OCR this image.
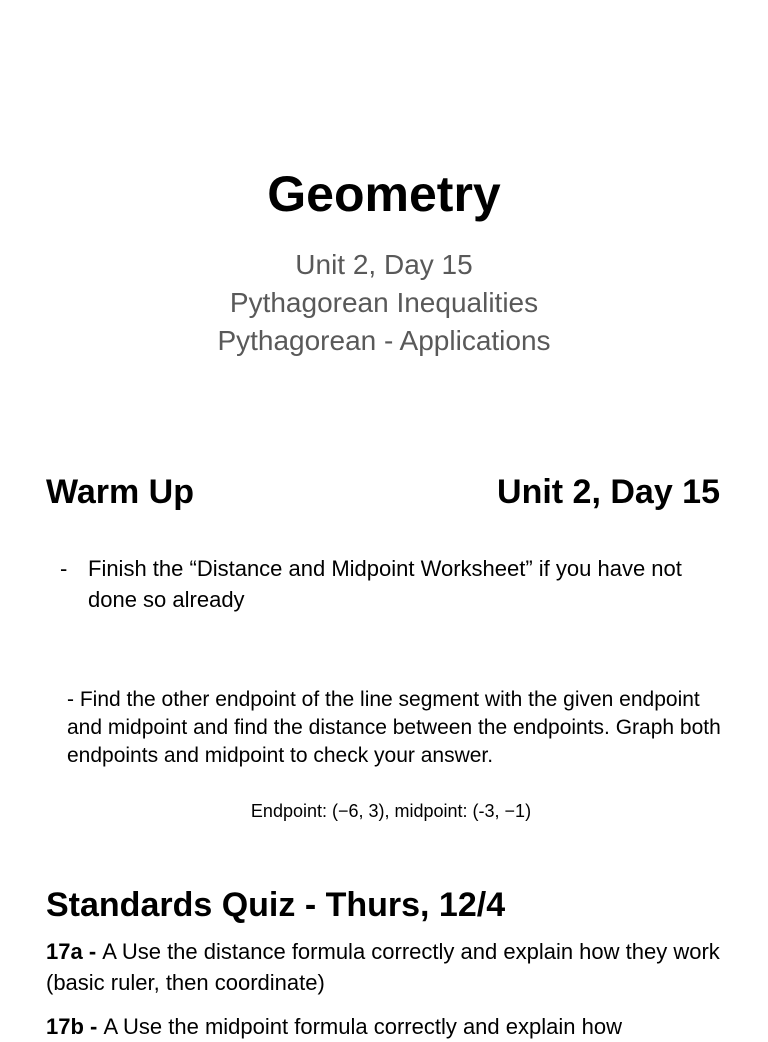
Geometry
Unit 2, Day 15
Pythagorean Inequalities
Pythagorean - Applications
Warm Up	Unit 2, Day 15
- Finish the “Distance and Midpoint Worksheet” if you have not done so already
- Find the other endpoint of the line segment with the given endpoint and midpoint and find the distance between the endpoints. Graph both endpoints and midpoint to check your answer.
Endpoint: (−6, 3), midpoint: (-3, −1)
Standards Quiz - Thurs, 12/4
17a - A Use the distance formula correctly and explain how they work (basic ruler, then coordinate)
17b - A Use the midpoint formula correctly and explain how
